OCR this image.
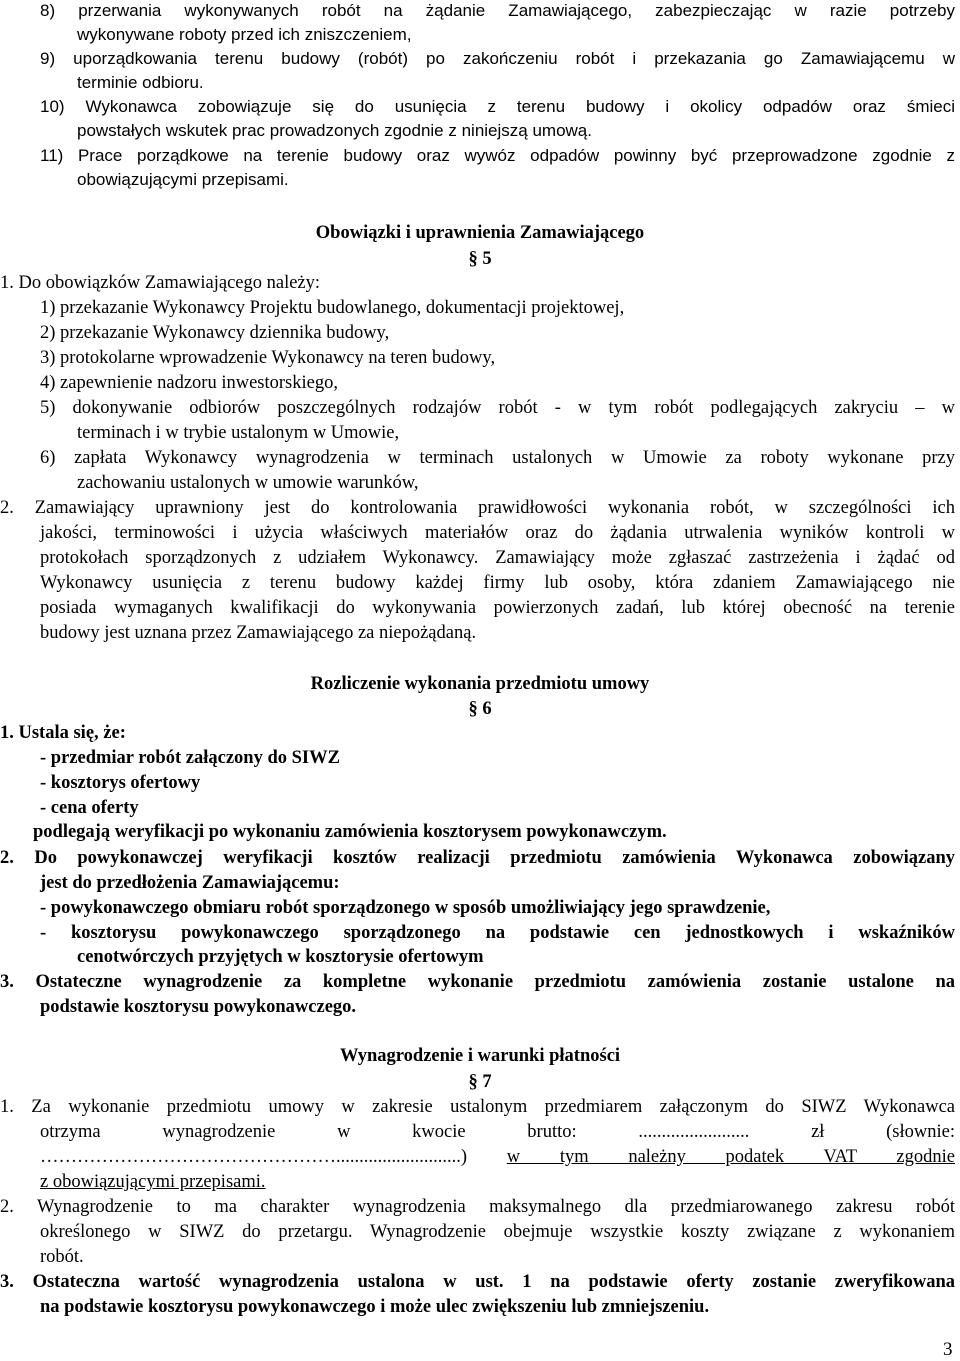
8) przerwania wykonywanych robót na żądanie Zamawiającego, zabezpieczając w razie potrzeby
wykonywane roboty przed ich zniszczeniem,
9) uporządkowania terenu budowy (robót) po zakończeniu robót i przekazania go Zamawiającemu w
terminie odbioru.
10) Wykonawca zobowiązuje się do usunięcia z terenu budowy i okolicy odpadów oraz śmieci
powstałych wskutek prac prowadzonych zgodnie z niniejszą umową.
11) Prace porządkowe na terenie budowy oraz wywóz odpadów powinny być przeprowadzone zgodnie z
obowiązującymi przepisami.
Obowiązki i uprawnienia Zamawiającego
§ 5
1. Do obowiązków Zamawiającego należy:
1) przekazanie Wykonawcy Projektu budowlanego, dokumentacji projektowej,
2) przekazanie Wykonawcy dziennika budowy,
3) protokolarne wprowadzenie Wykonawcy na teren budowy,
4) zapewnienie nadzoru inwestorskiego,
5) dokonywanie odbiorów poszczególnych rodzajów robót - w tym robót podlegających zakryciu – w
terminach i w trybie ustalonym w Umowie,
6) zapłata Wykonawcy wynagrodzenia w terminach ustalonych w Umowie za roboty wykonane przy
zachowaniu ustalonych w umowie warunków,
2. Zamawiający uprawniony jest do kontrolowania prawidłowości wykonania robót, w szczególności ich
jakości, terminowości i użycia właściwych materiałów oraz do żądania utrwalenia wyników kontroli w
protokołach sporządzonych z udziałem Wykonawcy. Zamawiający może zgłaszać zastrzeżenia i żądać od
Wykonawcy usunięcia z terenu budowy każdej firmy lub osoby, która zdaniem Zamawiającego nie
posiada wymaganych kwalifikacji do wykonywania powierzonych zadań, lub której obecność na terenie
budowy jest uznana przez Zamawiającego za niepożądaną.
Rozliczenie wykonania przedmiotu umowy
§ 6
1. Ustala się, że:
- przedmiar robót załączony do SIWZ
- kosztorys ofertowy
- cena oferty
podlegają weryfikacji po wykonaniu zamówienia kosztorysem powykonawczym.
2. Do powykonawczej weryfikacji kosztów realizacji przedmiotu zamówienia Wykonawca zobowiązany
jest do przedłożenia Zamawiającemu:
- powykonawczego obmiaru robót sporządzonego w sposób umożliwiający jego sprawdzenie,
- kosztorysu powykonawczego sporządzonego na podstawie cen jednostkowych i wskaźników
cenotwórczych przyjętych w kosztorysie ofertowym
3. Ostateczne wynagrodzenie za kompletne wykonanie przedmiotu zamówienia zostanie ustalone na
podstawie kosztorysu powykonawczego.
Wynagrodzenie i warunki płatności
§ 7
1. Za wykonanie przedmiotu umowy w zakresie ustalonym przedmiarem załączonym do SIWZ Wykonawca
otrzyma wynagrodzenie w kwocie brutto: ........................ zł (słownie:
…………………………………………...........................) w tym należny podatek VAT zgodnie
z obowiązującymi przepisami.
2. Wynagrodzenie to ma charakter wynagrodzenia maksymalnego dla przedmiarowanego zakresu robót
określonego w SIWZ do przetargu. Wynagrodzenie obejmuje wszystkie koszty związane z wykonaniem
robót.
3. Ostateczna wartość wynagrodzenia ustalona w ust. 1 na podstawie oferty zostanie zweryfikowana
na podstawie kosztorysu powykonawczego i może ulec zwiększeniu lub zmniejszeniu.
3
